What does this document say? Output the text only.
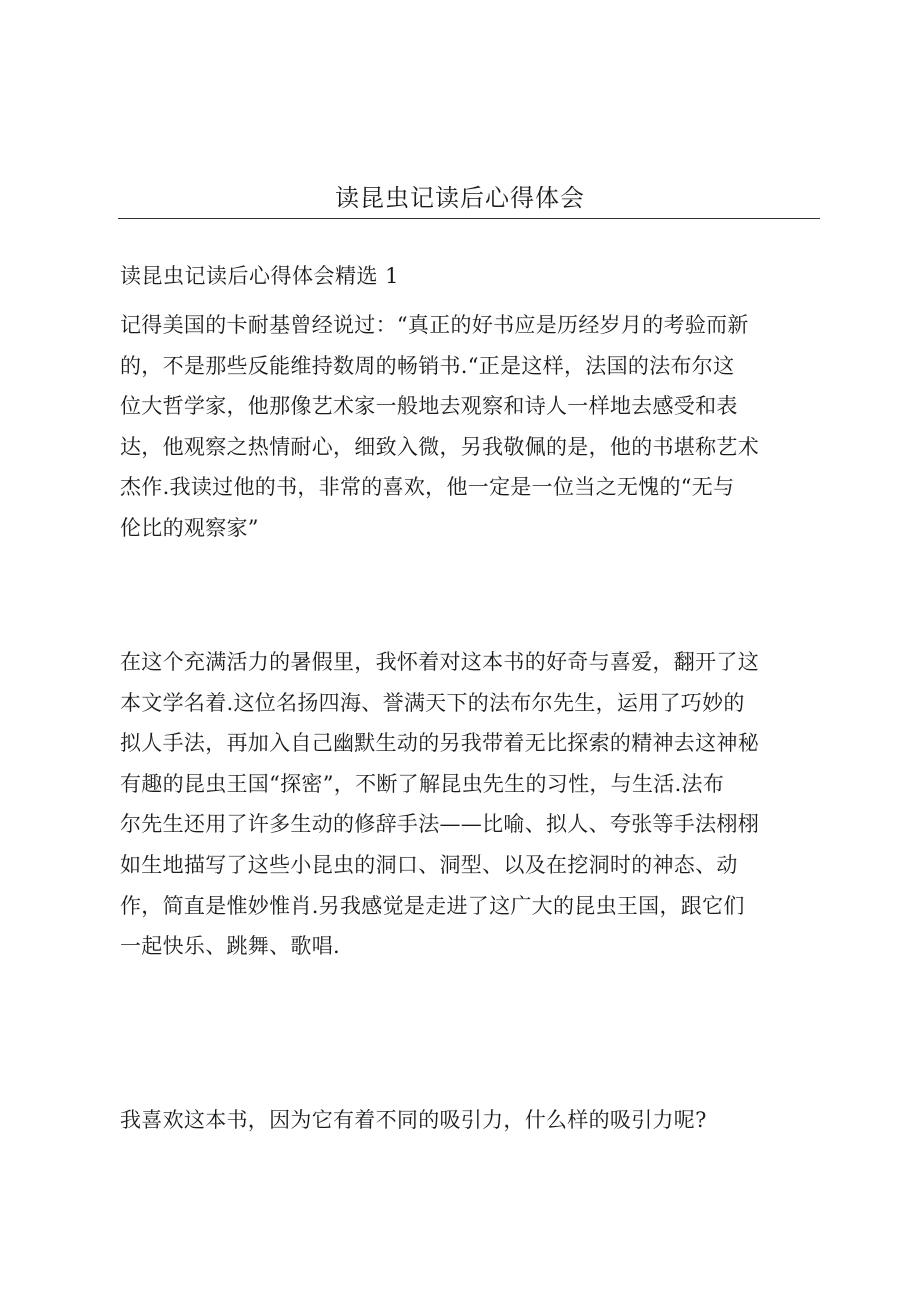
读昆虫记读后心得体会
读昆虫记读后心得体会精选 1
记得美国的卡耐基曾经说过：“真正的好书应是历经岁月的考验而新
的，不是那些反能维持数周的畅销书.“正是这样，法国的法布尔这
位大哲学家，他那像艺术家一般地去观察和诗人一样地去感受和表
达，他观察之热情耐心，细致入微，另我敬佩的是，他的书堪称艺术
杰作.我读过他的书，非常的喜欢，他一定是一位当之无愧的“无与
伦比的观察家”
在这个充满活力的暑假里，我怀着对这本书的好奇与喜爱，翻开了这
本文学名着.这位名扬四海、誉满天下的法布尔先生，运用了巧妙的
拟人手法，再加入自己幽默生动的另我带着无比探索的精神去这神秘
有趣的昆虫王国“探密”，不断了解昆虫先生的习性，与生活.法布
尔先生还用了许多生动的修辞手法——比喻、拟人、夸张等手法栩栩
如生地描写了这些小昆虫的洞口、洞型、以及在挖洞时的神态、动
作，简直是惟妙惟肖.另我感觉是走进了这广大的昆虫王国，跟它们
一起快乐、跳舞、歌唱.
我喜欢这本书，因为它有着不同的吸引力，什么样的吸引力呢?
